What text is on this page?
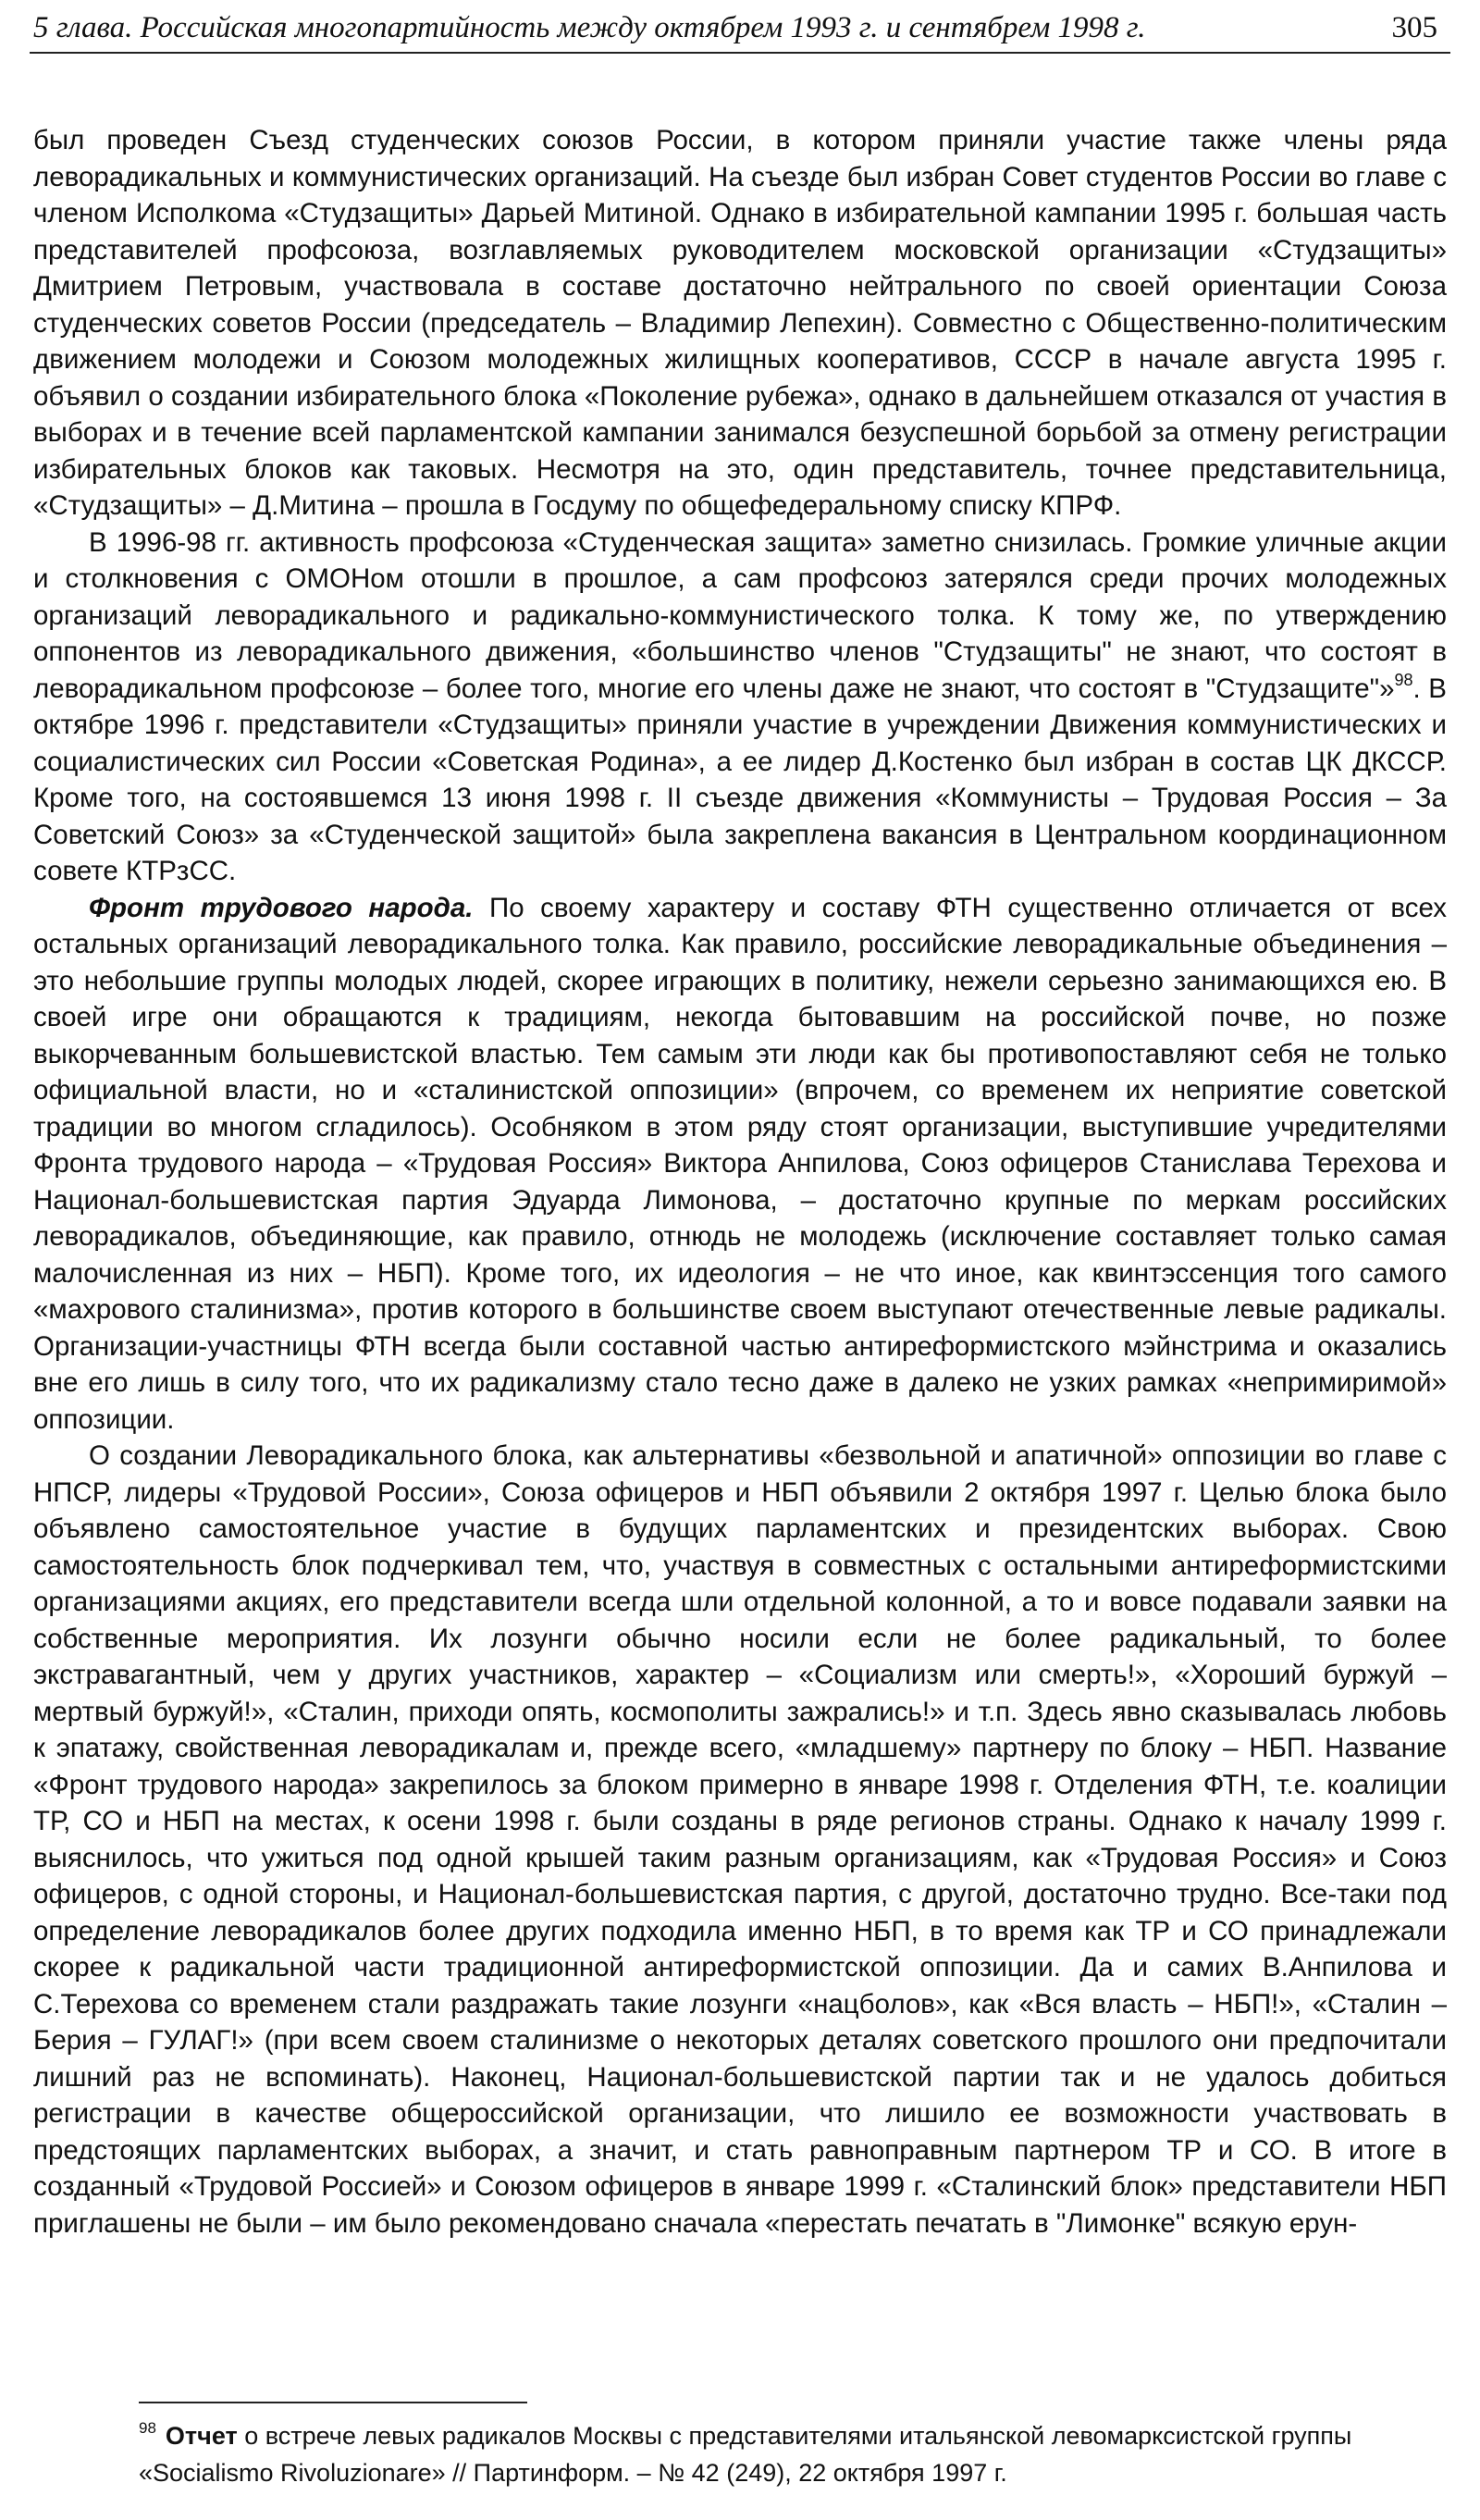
5 глава. Российская многопартийность между октябрем 1993 г. и сентябрем 1998 г.	305

был проведен Съезд студенческих союзов России, в котором приняли участие также члены ряда леворадикальных и коммунистических организаций. На съезде был избран Совет студентов России во главе с членом Исполкома «Студзащиты» Дарьей Митиной. Однако в избирательной кампании 1995 г. большая часть представителей профсоюза, возглавляемых руководителем московской организации «Студзащиты» Дмитрием Петровым, участвовала в составе достаточно нейтрального по своей ориентации Союза студенческих советов России (председатель – Владимир Лепехин). Совместно с Общественно-политическим движением молодежи и Союзом молодежных жилищных кооперативов, СССР в начале августа 1995 г. объявил о создании избирательного блока «Поколение рубежа», однако в дальнейшем отказался от участия в выборах и в течение всей парламентской кампании занимался безуспешной борьбой за отмену регистрации избирательных блоков как таковых. Несмотря на это, один представитель, точнее представительница, «Студзащиты» – Д.Митина – прошла в Госдуму по общефедеральному списку КПРФ.

В 1996-98 гг. активность профсоюза «Студенческая защита» заметно снизилась. Громкие уличные акции и столкновения с ОМОНом отошли в прошлое, а сам профсоюз затерялся среди прочих молодежных организаций леворадикального и радикально-коммунистического толка. К тому же, по утверждению оппонентов из леворадикального движения, «большинство членов "Студзащиты" не знают, что состоят в леворадикальном профсоюзе – более того, многие его члены даже не знают, что состоят в "Студзащите"»$^{98}$. В октябре 1996 г. представители «Студзащиты» приняли участие в учреждении Движения коммунистических и социалистических сил России «Советская Родина», а ее лидер Д.Костенко был избран в состав ЦК ДКССР. Кроме того, на состоявшемся 13 июня 1998 г. II съезде движения «Коммунисты – Трудовая Россия – За Советский Союз» за «Студенческой защитой» была закреплена вакансия в Центральном координационном совете КТРзСС.

Фронт трудового народа. По своему характеру и составу ФТН существенно отличается от всех остальных организаций леворадикального толка. Как правило, российские леворадикальные объединения – это небольшие группы молодых людей, скорее играющих в политику, нежели серьезно занимающихся ею. В своей игре они обращаются к традициям, некогда бытовавшим на российской почве, но позже выкорчеванным большевистской властью. Тем самым эти люди как бы противопоставляют себя не только официальной власти, но и «сталинистской оппозиции» (впрочем, со временем их неприятие советской традиции во многом сгладилось). Особняком в этом ряду стоят организации, выступившие учредителями Фронта трудового народа – «Трудовая Россия» Виктора Анпилова, Союз офицеров Станислава Терехова и Национал-большевистская партия Эдуарда Лимонова, – достаточно крупные по меркам российских леворадикалов, объединяющие, как правило, отнюдь не молодежь (исключение составляет только самая малочисленная из них – НБП). Кроме того, их идеология – не что иное, как квинтэссенция того самого «махрового сталинизма», против которого в большинстве своем выступают отечественные левые радикалы. Организации-участницы ФТН всегда были составной частью антиреформистского мэйнстрима и оказались вне его лишь в силу того, что их радикализму стало тесно даже в далеко не узких рамках «непримиримой» оппозиции.

О создании Леворадикального блока, как альтернативы «безвольной и апатичной» оппозиции во главе с НПСР, лидеры «Трудовой России», Союза офицеров и НБП объявили 2 октября 1997 г. Целью блока было объявлено самостоятельное участие в будущих парламентских и президентских выборах. Свою самостоятельность блок подчеркивал тем, что, участвуя в совместных с остальными антиреформистскими организациями акциях, его представители всегда шли отдельной колонной, а то и вовсе подавали заявки на собственные мероприятия. Их лозунги обычно носили если не более радикальный, то более экстравагантный, чем у других участников, характер – «Социализм или смерть!», «Хороший буржуй – мертвый буржуй!», «Сталин, приходи опять, космополиты зажрались!» и т.п. Здесь явно сказывалась любовь к эпатажу, свойственная леворадикалам и, прежде всего, «младшему» партнеру по блоку – НБП. Название «Фронт трудового народа» закрепилось за блоком примерно в январе 1998 г. Отделения ФТН, т.е. коалиции ТР, СО и НБП на местах, к осени 1998 г. были созданы в ряде регионов страны. Однако к началу 1999 г. выяснилось, что ужиться под одной крышей таким разным организациям, как «Трудовая Россия» и Союз офицеров, с одной стороны, и Национал-большевистская партия, с другой, достаточно трудно. Все-таки под определение леворадикалов более других подходила именно НБП, в то время как ТР и СО принадлежали скорее к радикальной части традиционной антиреформистской оппозиции. Да и самих В.Анпилова и С.Терехова со временем стали раздражать такие лозунги «нацболов», как «Вся власть – НБП!», «Сталин – Берия – ГУЛАГ!» (при всем своем сталинизме о некоторых деталях советского прошлого они предпочитали лишний раз не вспоминать). Наконец, Национал-большевистской партии так и не удалось добиться регистрации в качестве общероссийской организации, что лишило ее возможности участвовать в предстоящих парламентских выборах, а значит, и стать равноправным партнером ТР и СО. В итоге в созданный «Трудовой Россией» и Союзом офицеров в январе 1999 г. «Сталинский блок» представители НБП приглашены не были – им было рекомендовано сначала «перестать печатать в "Лимонке" всякую ерун-

$^{98}$ Отчет о встрече левых радикалов Москвы с представителями итальянской левомарксистской группы «Socialismo Rivoluzionare» // Партинформ. – № 42 (249), 22 октября 1997 г.
